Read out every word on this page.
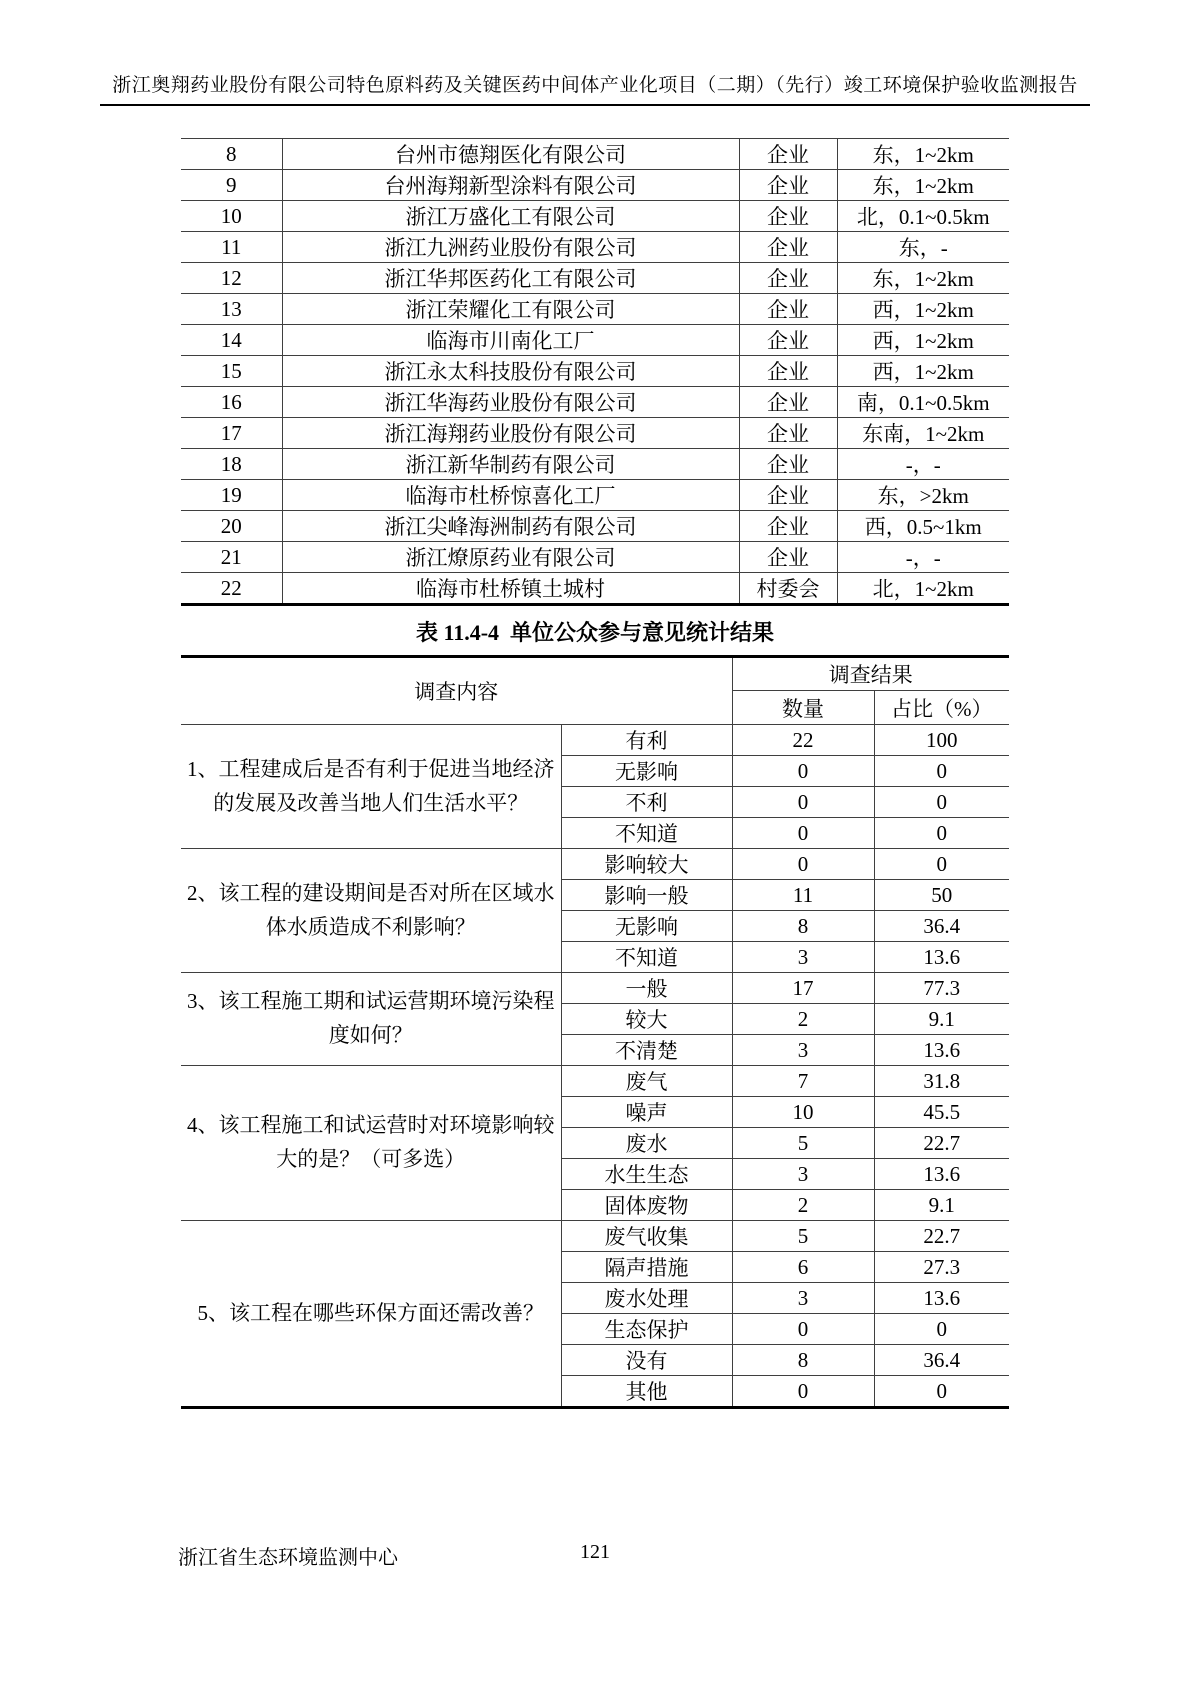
浙江奥翔药业股份有限公司特色原料药及关键医药中间体产业化项目（二期）（先行）竣工环境保护验收监测报告
8	台州市德翔医化有限公司	企业	东，1~2km
9	台州海翔新型涂料有限公司	企业	东，1~2km
10	浙江万盛化工有限公司	企业	北，0.1~0.5km
11	浙江九洲药业股份有限公司	企业	东，-
12	浙江华邦医药化工有限公司	企业	东，1~2km
13	浙江荣耀化工有限公司	企业	西，1~2km
14	临海市川南化工厂	企业	西，1~2km
15	浙江永太科技股份有限公司	企业	西，1~2km
16	浙江华海药业股份有限公司	企业	南，0.1~0.5km
17	浙江海翔药业股份有限公司	企业	东南，1~2km
18	浙江新华制药有限公司	企业	-，-
19	临海市杜桥惊喜化工厂	企业	东，>2km
20	浙江尖峰海洲制药有限公司	企业	西，0.5~1km
21	浙江燎原药业有限公司	企业	-，-
22	临海市杜桥镇土城村	村委会	北，1~2km
表 11.4-4  单位公众参与意见统计结果
调查内容		调查结果	
		数量	占比（%）
1、工程建成后是否有利于促进当地经济的发展及改善当地人们生活水平？	有利	22	100
	无影响	0	0
	不利	0	0
	不知道	0	0
2、该工程的建设期间是否对所在区域水体水质造成不利影响？	影响较大	0	0
	影响一般	11	50
	无影响	8	36.4
	不知道	3	13.6
3、该工程施工期和试运营期环境污染程度如何？	一般	17	77.3
	较大	2	9.1
	不清楚	3	13.6
4、该工程施工和试运营时对环境影响较大的是？（可多选）	废气	7	31.8
	噪声	10	45.5
	废水	5	22.7
	水生生态	3	13.6
	固体废物	2	9.1
5、该工程在哪些环保方面还需改善？	废气收集	5	22.7
	隔声措施	6	27.3
	废水处理	3	13.6
	生态保护	0	0
	没有	8	36.4
	其他	0	0
浙江省生态环境监测中心	121
